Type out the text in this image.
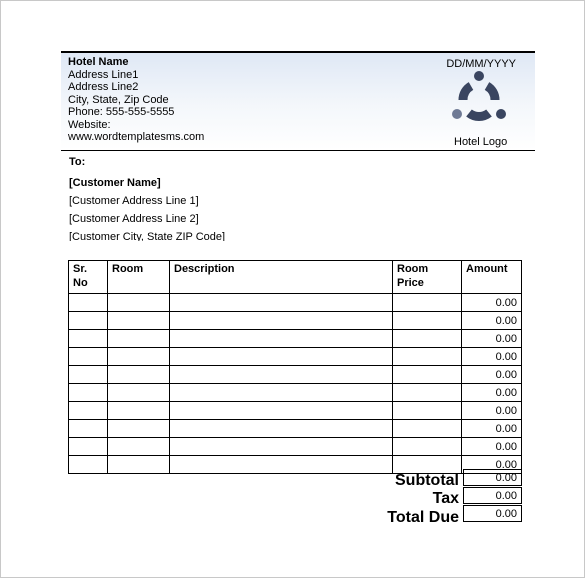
Hotel Name
Address Line1
Address Line2
City, State, Zip Code
Phone: 555-555-5555
Website:
www.wordtemplatesms.com
DD/MM/YYYY
Hotel Logo
To:
[Customer Name]
[Customer Address Line 1]
[Customer Address Line 2]
[Customer City, State ZIP Code]
Sr.
No	Room	Description	Room
Price	Amount
				0.00
				0.00
				0.00
				0.00
				0.00
				0.00
				0.00
				0.00
				0.00
				0.00
Subtotal	0.00
Tax	0.00
Total Due	0.00
